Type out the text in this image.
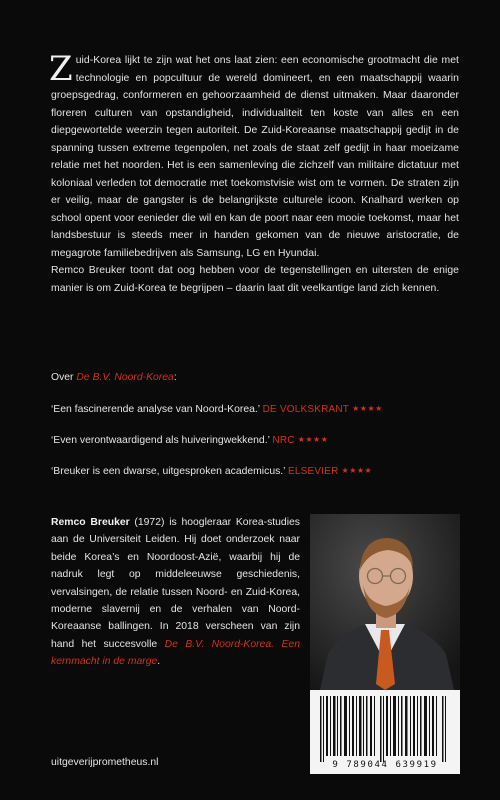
Zuid-Korea lijkt te zijn wat het ons laat zien: een economische grootmacht die met technologie en popcultuur de wereld domineert, en een maatschappij waarin groepsgedrag, conformeren en gehoorzaamheid de dienst uitmaken. Maar daaronder floreren culturen van opstandigheid, individualiteit ten koste van alles en een diepgewortelde weerzin tegen autoriteit. De Zuid-Koreaanse maatschappij gedijt in de spanning tussen extreme tegenpolen, net zoals de staat zelf gedijt in haar moeizame relatie met het noorden. Het is een samenleving die zichzelf van militaire dictatuur met koloniaal verleden tot democratie met toekomstvisie wist om te vormen. De straten zijn er veilig, maar de gangster is de belangrijkste culturele icoon. Knalhard werken op school opent voor eenieder die wil en kan de poort naar een mooie toekomst, maar het landsbestuur is steeds meer in handen gekomen van de nieuwe aristocratie, de megagrote familiebedrijven als Samsung, LG en Hyundai.

Remco Breuker toont dat oog hebben voor de tegenstellingen en uitersten de enige manier is om Zuid-Korea te begrijpen – daarin laat dit veelkantige land zich kennen.

Over De B.V. Noord-Korea:
‘Een fascinerende analyse van Noord-Korea.’ DE VOLKSKRANT ★★★★
‘Even verontwaardigend als huiveringwekkend.’ NRC ★★★★
‘Breuker is een dwarse, uitgesproken academicus.’ ELSEVIER ★★★★
Remco Breuker (1972) is hoogleraar Korea-studies aan de Universiteit Leiden. Hij doet onderzoek naar beide Korea’s en Noordoost-Azië, waarbij hij de nadruk legt op middeleeuwse geschiedenis, vervalsingen, de relatie tussen Noord- en Zuid-Korea, moderne slavernij en de verhalen van Noord-Koreaanse ballingen. In 2018 verscheen van zijn hand het succesvolle De B.V. Noord-Korea. Een kernmacht in de marge.
9 789044 639919
uitgeverijprometheus.nl
